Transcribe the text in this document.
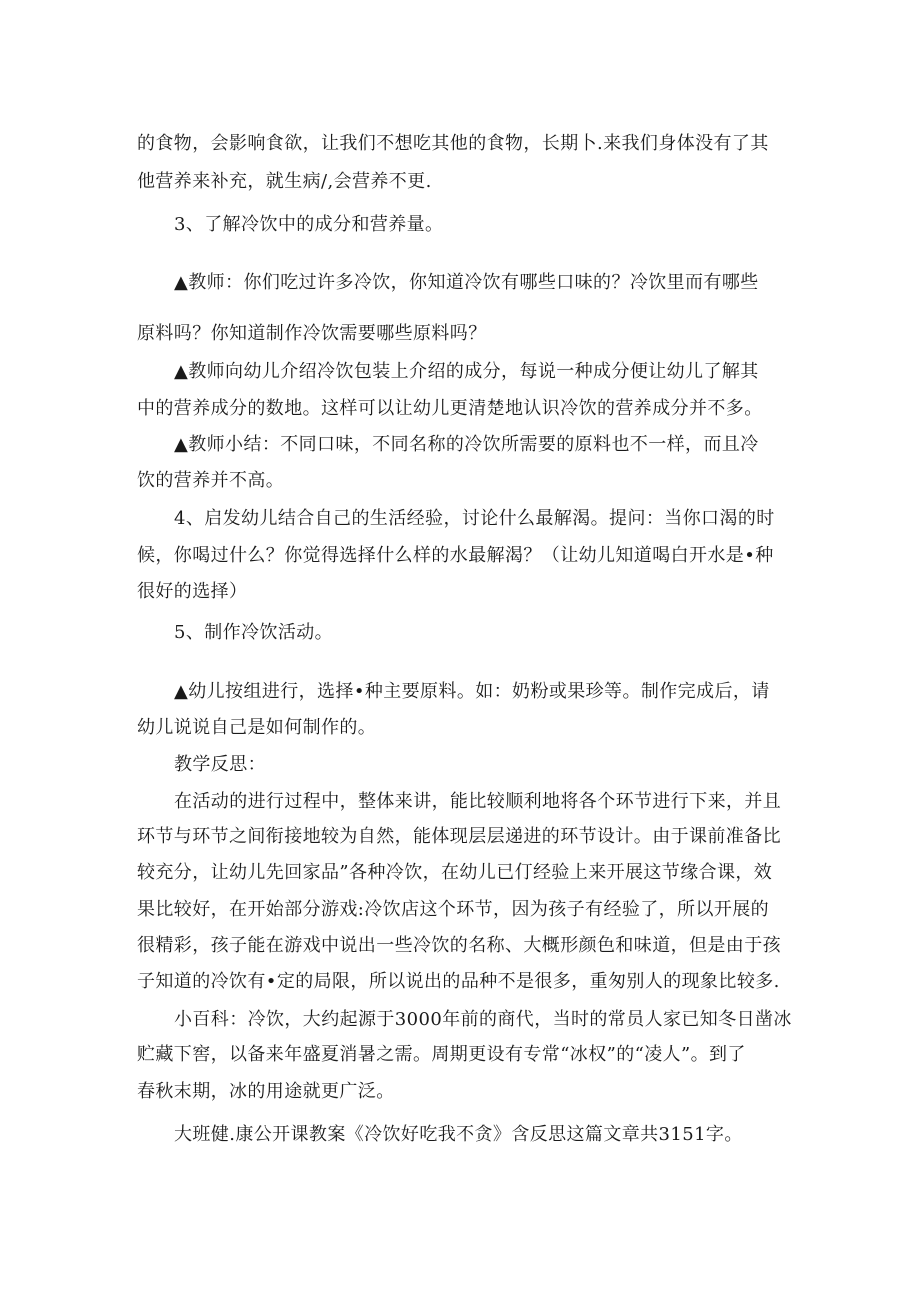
的食物，会影响食欲，让我们不想吃其他的食物，长期卜.来我们身体没有了其

他营养来补充，就生病/,会营养不更.

3、了解冷饮中的成分和营养量。

▲教师：你们吃过许多冷饮，你知道冷饮有哪些口味的？冷饮里而有哪些

原料吗？你知道制作冷饮需要哪些原料吗？

▲教师向幼儿介绍冷饮包装上介绍的成分，每说一种成分便让幼儿了解其

中的营养成分的数地。这样可以让幼儿更清楚地认识冷饮的营养成分并不多。

▲教师小结：不同口味，不同名称的冷饮所需要的原料也不一样，而且冷

饮的营养并不高。

4、启发幼儿结合自己的生活经验，讨论什么最解渴。提问：当你口渴的时

候，你喝过什么？你觉得选择什么样的水最解渴？（让幼儿知道喝白开水是•种

很好的选择）

5、制作冷饮活动。

▲幼儿按组进行，选择•种主要原料。如：奶粉或果珍等。制作完成后，请

幼儿说说自己是如何制作的。

教学反思：

在活动的进行过程中，整体来讲，能比较顺利地将各个环节进行下来，并且

环节与环节之间衔接地较为自然，能体现层层递进的环节设计。由于课前准备比

较充分，让幼儿先回家品”各种冷饮，在幼儿已仃经验上来开展这节缘合课，效

果比较好，在开始部分游戏:冷饮店这个环节，因为孩子有经验了，所以开展的

很精彩，孩子能在游戏中说出一些冷饮的名称、大概形颜色和味道，但是由于孩

子知道的冷饮有•定的局限，所以说出的品种不是很多，重匆别人的现象比较多.

小百科：冷饮，大约起源于3000年前的商代，当时的常员人家已知冬日凿冰

贮藏下窖，以备来年盛夏消暑之需。周期更设有专常“冰权”的“凌人”。到了

春秋末期，冰的用途就更广泛。

大班健.康公开课教案《冷饮好吃我不贪》含反思这篇文章共3151字。
